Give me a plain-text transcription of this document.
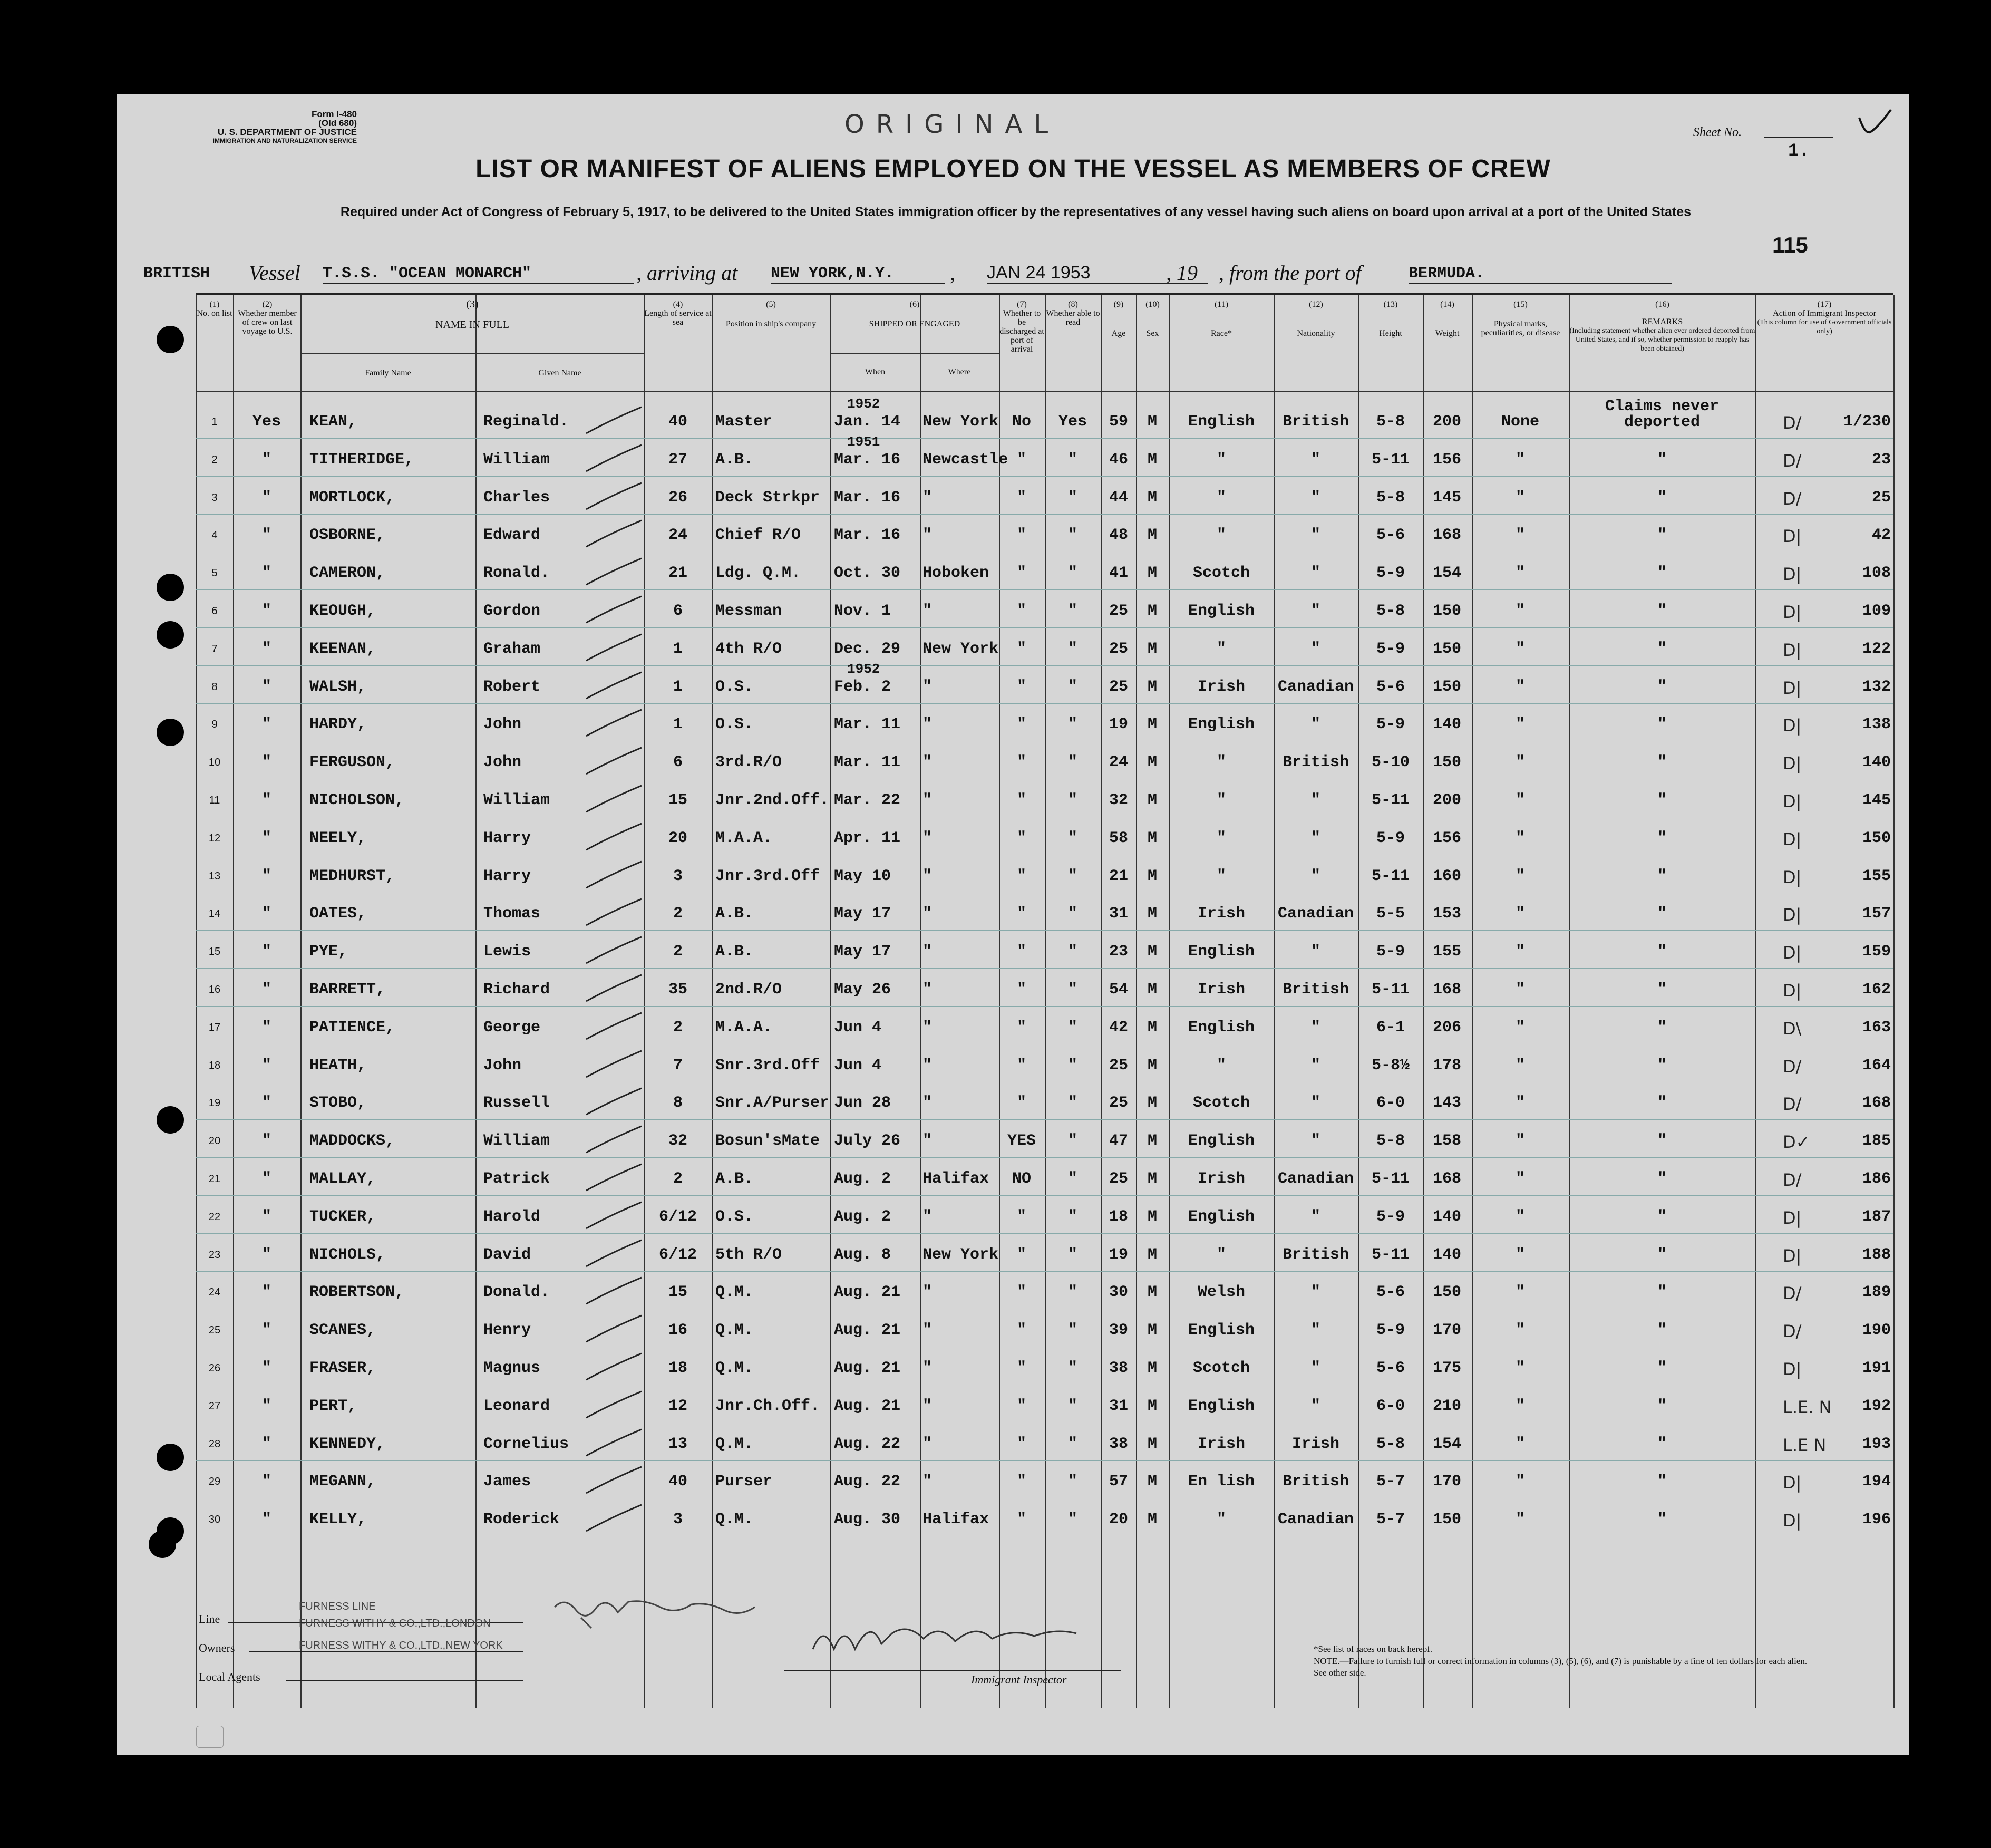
Form I-480
(Old 680)
U. S. DEPARTMENT OF JUSTICE
IMMIGRATION AND NATURALIZATION SERVICE
ORIGINAL	Sheet No.
1.
LIST OR MANIFEST OF ALIENS EMPLOYED ON THE VESSEL AS MEMBERS OF CREW
Required under Act of Congress of February 5, 1917, to be delivered to the United States immigration officer by the representatives of any vessel having such aliens on board upon arrival at a port of the United States
115
BRITISH Vessel T.S.S. "OCEAN MONARCH"	, arriving at NEW YORK,N.Y.	, JAN 24 1953	, 19 , from the port of	BERMUDA.
(1)
No. on list
(2)
Whether member of crew on last voyage to U.S.
(3)
NAME IN FULL
Family Name	Given Name
(4)
Length of service at sea
(5)
Position in ship's company
(6)
SHIPPED OR ENGAGED
When	Where
(7)
Whether to be discharged at port of arrival
(8)
Whether able to read
(9)
Age
(10)
Sex
(11)
Race*
(12)
Nationality
(13)
Height
(14)
Weight
(15)
Physical marks, peculiarities, or disease
(16)
REMARKS
(Including statement whether alien ever ordered deported from United States, and if so, whether permission to reapply has been obtained)
(17)
Action of Immigrant Inspector
(This column for use of Government officials only)
1	Yes	KEAN,	Reginald.	40	Master	Jan. 14 New York No	Yes	59	M	English	British	5-8	200	None
Claims never deported	D/	1/230
2	"	TITHERIDGE,	William	27	A.B.	Mar. 16 Newcastle "	"	46	M	"	"	5-11	156	"	"	D/	23
3	"	MORTLOCK,	Charles	26	Deck Strkpr Mar. 16 "	"	"	44	M	"	"	5-8	145	"	"	D/	25
4	"	OSBORNE,	Edward	24	Chief R/O Mar. 16 "	"	"	48	M	"	"	5-6	168	"	"	D|	42
5	"	CAMERON,	Ronald.	21	Ldg. Q.M. Oct. 30 Hoboken	"	"	41	M	Scotch	"	5-9	154	"	"	D|	108
6	"	KEOUGH,	Gordon	6	Messman	Nov. 1 "	"	"	25	M	English	"	5-8	150	"	"	D|	109
7	"	KEENAN,	Graham	1	4th R/O	Dec. 29 New York	"	"	25	M	"	"	5-9	150	"	"	D|	122
8	"	WALSH,	Robert	1	O.S.	Feb. 2 "	"	"	25	M	Irish	Canadian	5-6	150	"	"	D|	132
9	"	HARDY,	John	1	O.S.	Mar. 11 "	"	"	19	M	English	"	5-9	140	"	"	D|	138
10	"	FERGUSON,	John	6	3rd.R/O	Mar. 11 "	"	"	24	M	"	British	5-10	150	"	"	D|	140
11	"	NICHOLSON,	William	15	Jnr.2nd.Off. Mar. 22 "	"	"	32	M	"	"	5-11	200	"	"	D|	145
12	"	NEELY,	Harry	20	M.A.A.	Apr. 11 "	"	"	58	M	"	"	5-9	156	"	"	D|	150
13	"	MEDHURST,	Harry	3	Jnr.3rd.Off May 10 "	"	"	21	M	"	"	5-11	160	"	"	D|	155
14	"	OATES,	Thomas	2	A.B.	May 17 "	"	"	31	M	Irish	Canadian	5-5	153	"	"	D|	157
15	"	PYE,	Lewis	2	A.B.	May 17 "	"	"	23	M	English	"	5-9	155	"	"	D|	159
16	"	BARRETT,	Richard	35	2nd.R/O	May 26 "	"	"	54	M	Irish	British	5-11	168	"	"	D|	162
17	"	PATIENCE,	George	2	M.A.A.	Jun 4	"	"	"	42	M	English	"	6-1	206	"	"	D\	163
18	"	HEATH,	John	7	Snr.3rd.Off Jun 4	"	"	"	25	M	"	"	5-8½	178	"	"	D/	164
19	"	STOBO,	Russell	8	Snr.A/Purser Jun 28 "	"	"	25	M	Scotch	"	6-0	143	"	"	D/	168
20	"	MADDOCKS,	William	32	Bosun'sMate July 26 "	YES	"	47	M	English	"	5-8	158	"	"	D✓	185
21	"	MALLAY,	Patrick	2	A.B.	Aug. 2 Halifax	NO	"	25	M	Irish	Canadian	5-11	168	"	"	D/	186
22	"	TUCKER,	Harold	6/12	O.S.	Aug. 2 "	"	"	18	M	English	"	5-9	140	"	"	D|	187
23	"	NICHOLS,	David	6/12	5th R/O	Aug. 8 New York	"	"	19	M	"	British	5-11	140	"	"	D|	188
24	"	ROBERTSON,	Donald.	15	Q.M.	Aug. 21 "	"	"	30	M	Welsh	"	5-6	150	"	"	D/	189
25	"	SCANES,	Henry	16	Q.M.	Aug. 21 "	"	"	39	M	English	"	5-9	170	"	"	D/	190
26	"	FRASER,	Magnus	18	Q.M.	Aug. 21 "	"	"	38	M	Scotch	"	5-6	175	"	"	D|	191
27	"	PERT,	Leonard	12	Jnr.Ch.Off. Aug. 21 "	"	"	31	M	English	"	6-0	210	"	"	L.E. N	192
28	"	KENNEDY,	Cornelius	13	Q.M.	Aug. 22 "	"	"	38	M	Irish	Irish	5-8	154	"	"	L.E N	193
29	"	MEGANN,	James	40	Purser	Aug. 22 "	"	"	57	M	En lish	British	5-7	170	"	"	D|	194
30	"	KELLY,	Roderick	3	Q.M.	Aug. 30 Halifax	"	"	20	M	"	Canadian	5-7	150	"	"	D|	196
1952
1951
1952
Line
FURNESS LINE
Owners
FURNESS WITHY & CO.,LTD.,LONDON
FURNESS WITHY & CO.,LTD.,NEW YORK
Local Agents	Immigrant Inspector
*See list of races on back hereof.
NOTE.—Failure to furnish full or correct information in columns (3), (5), (6), and (7) is punishable by a fine of ten dollars for each alien. See other side.
